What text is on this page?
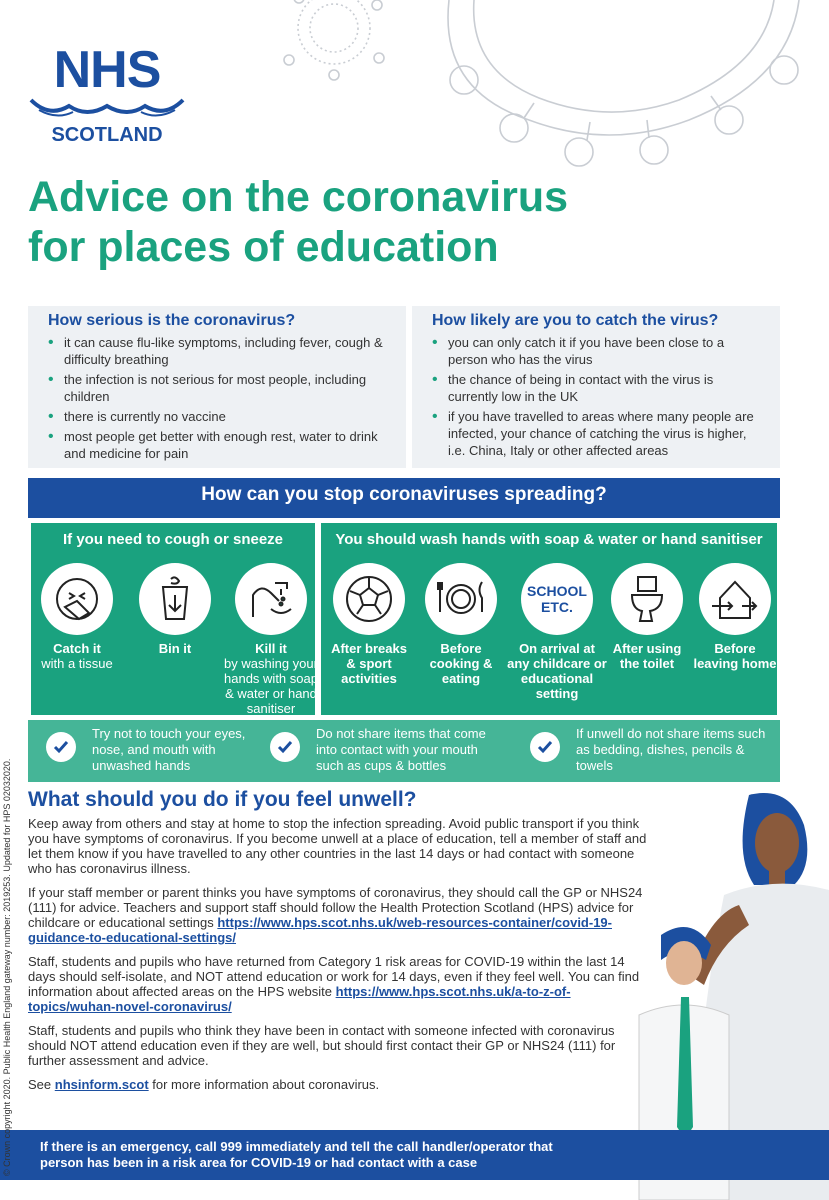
NHS
SCOTLAND
Advice on the coronavirus
for places of education
How serious is the coronavirus?
• it can cause flu-like symptoms, including fever, cough & difficulty breathing
• the infection is not serious for most people, including children
• there is currently no vaccine
• most people get better with enough rest, water to drink and medicine for pain
How likely are you to catch the virus?
• you can only catch it if you have been close to a person who has the virus
• the chance of being in contact with the virus is currently low in the UK
• if you have travelled to areas where many people are infected, your chance of catching the virus is higher, i.e. China, Italy or other affected areas
How can you stop coronaviruses spreading?
If you need to cough or sneeze
Catch it
with a tissue
Bin it	Kill it
by washing your hands with soap & water or hand sanitiser
You should wash hands with soap & water or hand sanitiser
After breaks & sport activities
Before cooking & eating
SCHOOL
ETC.
On arrival at any childcare or educational setting
After using the toilet
Before leaving home
Try not to touch your eyes, nose, and mouth with unwashed hands
Do not share items that come into contact with your mouth such as cups & bottles
If unwell do not share items such as bedding, dishes, pencils & towels
What should you do if you feel unwell?

Keep away from others and stay at home to stop the infection spreading. Avoid public transport if you think you have symptoms of coronavirus. If you become unwell at a place of education, tell a member of staff and let them know if you have travelled to any other countries in the last 14 days or had contact with someone who has coronavirus illness.

If your staff member or parent thinks you have symptoms of coronavirus, they should call the GP or NHS24 (111) for advice. Teachers and support staff should follow the Health Protection Scotland (HPS) advice for childcare or educational settings https://www.hps.scot.nhs.uk/web-resources-container/covid-19-guidance-to-educational-settings/

Staff, students and pupils who have returned from Category 1 risk areas for COVID-19 within the last 14 days should self-isolate, and NOT attend education or work for 14 days, even if they feel well. You can find information about affected areas on the HPS website https://www.hps.scot.nhs.uk/a-to-z-of-topics/wuhan-novel-coronavirus/

Staff, students and pupils who think they have been in contact with someone infected with coronavirus should NOT attend education even if they are well, but should first contact their GP or NHS24 (111) for further assessment and advice.

See nhsinform.scot for more information about coronavirus.

If there is an emergency, call 999 immediately and tell the call handler/operator that
person has been in a risk area for COVID-19 or had contact with a case
© Crown copyright 2020. Public Health England gateway number: 2019253. Updated for HPS 02032020.
